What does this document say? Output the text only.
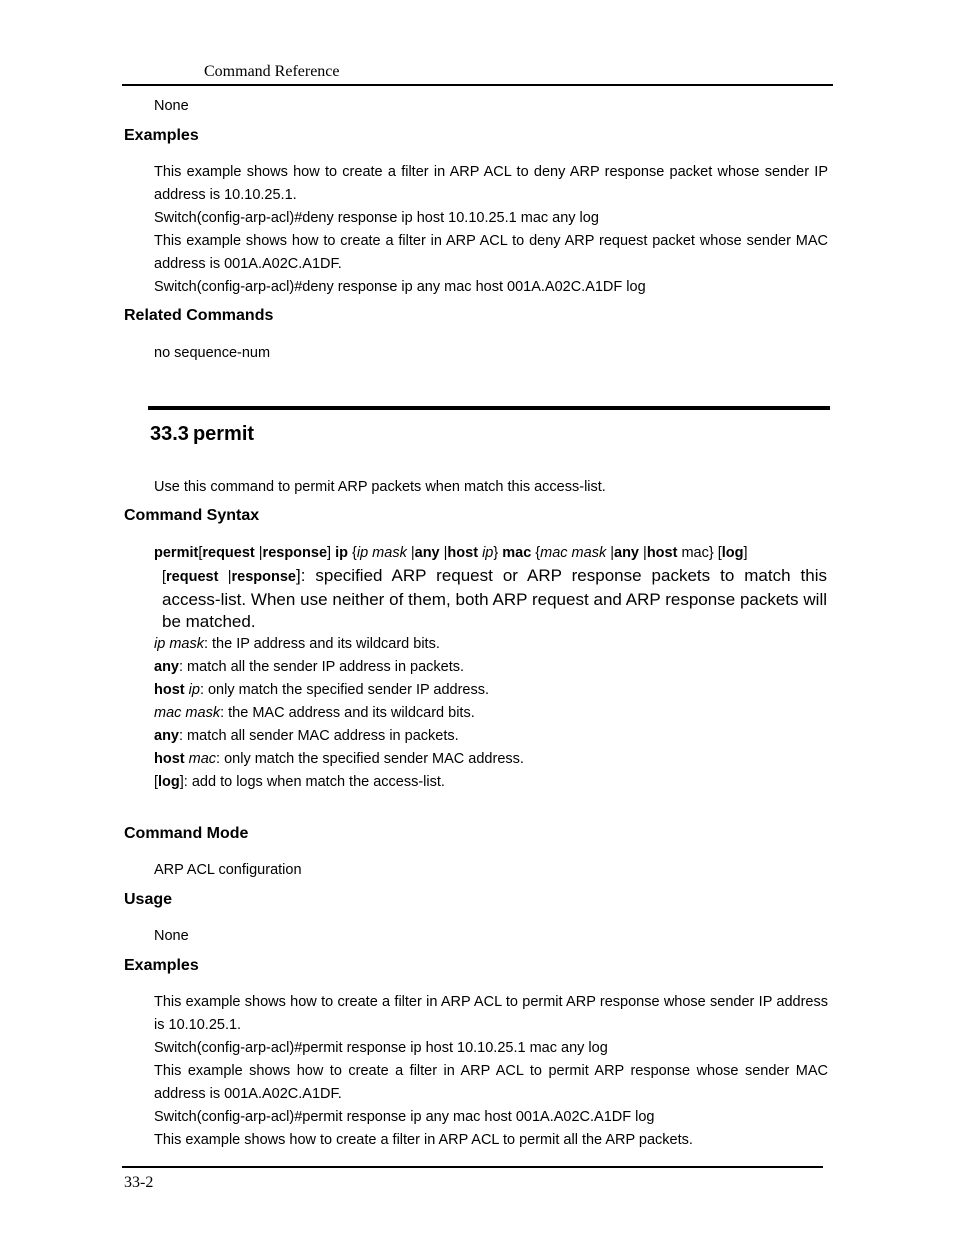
Command Reference
None
Examples
This example shows how to create a filter in ARP ACL to deny ARP response packet whose sender IP address is 10.10.25.1.
Switch(config-arp-acl)#deny response ip host 10.10.25.1 mac any log
This example shows how to create a filter in ARP ACL to deny ARP request packet whose sender MAC address is 001A.A02C.A1DF.
Switch(config-arp-acl)#deny response ip any mac host 001A.A02C.A1DF log
Related Commands
no sequence-num
33.3 permit
Use this command to permit ARP packets when match this access-list.
Command Syntax
permit[request |response] ip {ip mask |any |host ip} mac {mac mask |any |host mac} [log]
[request |response]: specified ARP request or ARP response packets to match this access-list. When use neither of them, both ARP request and ARP response packets will be matched.
ip mask: the IP address and its wildcard bits.
any: match all the sender IP address in packets.
host ip: only match the specified sender IP address.
mac mask: the MAC address and its wildcard bits.
any: match all sender MAC address in packets.
host mac: only match the specified sender MAC address.
[log]: add to logs when match the access-list.
Command Mode
ARP ACL configuration
Usage
None
Examples
This example shows how to create a filter in ARP ACL to permit ARP response whose sender IP address is 10.10.25.1.
Switch(config-arp-acl)#permit response ip host 10.10.25.1 mac any log
This example shows how to create a filter in ARP ACL to permit ARP response whose sender MAC address is 001A.A02C.A1DF.
Switch(config-arp-acl)#permit response ip any mac host 001A.A02C.A1DF log
This example shows how to create a filter in ARP ACL to permit all the ARP packets.
33-2
